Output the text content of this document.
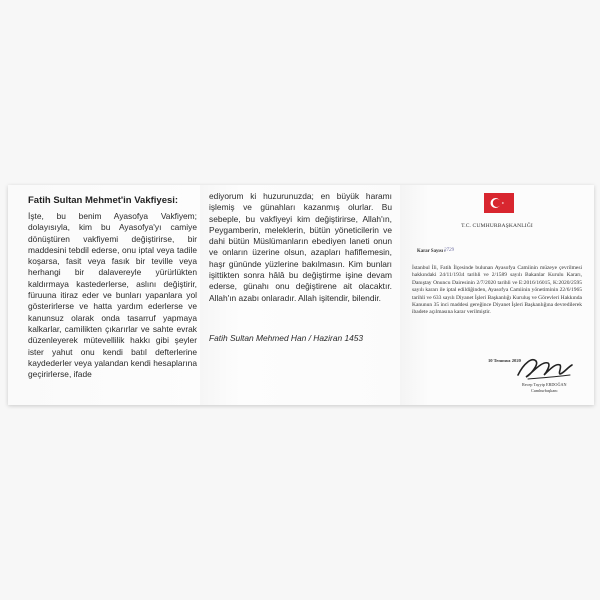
Fatih Sultan Mehmet'in Vakfiyesi:
İşte, bu benim Ayasofya Vakfiyem; dolayısıyla, kim bu Ayasofya'yı camiye dönüştüren vakfiyemi değiştirirse, bir maddesini tebdil ederse, onu iptal veya tadile koşarsa, fasit veya fasık bir teville veya herhangi bir dalavereyle yürürlükten kaldırmaya kastederlerse, aslını değiştirir, füruuna itiraz eder ve bunları yapanlara yol gösterirlerse ve hatta yardım ederlerse ve kanunsuz olarak onda tasarruf yapmaya kalkarlar, camilikten çıkarırlar ve sahte evrak düzenleyerek mütevellilik hakkı gibi şeyler ister yahut onu kendi batıl defterlerine kaydederler veya yalandan kendi hesaplarına geçirirlerse, ifade
ediyorum ki huzurunuzda; en büyük haramı işlemiş ve günahları kazanmış olurlar. Bu sebeple, bu vakfiyeyi kim değiştirirse, Allah'ın, Peygamberin, meleklerin, bütün yöneticilerin ve dahi bütün Müslümanların ebediyen laneti onun ve onların üzerine olsun, azapları hafiflemesin, haşr gününde yüzlerine bakılmasın. Kim bunları işittikten sonra hâlâ bu değiştirme işine devam ederse, günahı onu değiştirene ait olacaktır. Allah'ın azabı onlaradır. Allah işitendir, bilendir.
Fatih Sultan Mehmed Han / Haziran 1453
T.C. CUMHURBAŞKANLIĞI
Karar Sayısı :
2729
İstanbul İli, Fatih İlçesinde bulunan Ayasofya Camiinin müzeye çevrilmesi hakkındaki 24/11/1934 tarihli ve 2/1589 sayılı Bakanlar Kurulu Kararı, Danıştay Onuncu Dairesinin 2/7/2020 tarihli ve E:2016/16015, K:2020/2595 sayılı kararı ile iptal edildiğinden, Ayasofya Camiinin yönetiminin 22/6/1965 tarihli ve 633 sayılı Diyanet İşleri Başkanlığı Kuruluş ve Görevleri Hakkında Kanunun 35 inci maddesi gereğince Diyanet İşleri Başkanlığına devredilerek ibadete açılmasına karar verilmiştir.
10 Temmuz 2020
Recep Tayyip ERDOĞAN
Cumhurbaşkanı
